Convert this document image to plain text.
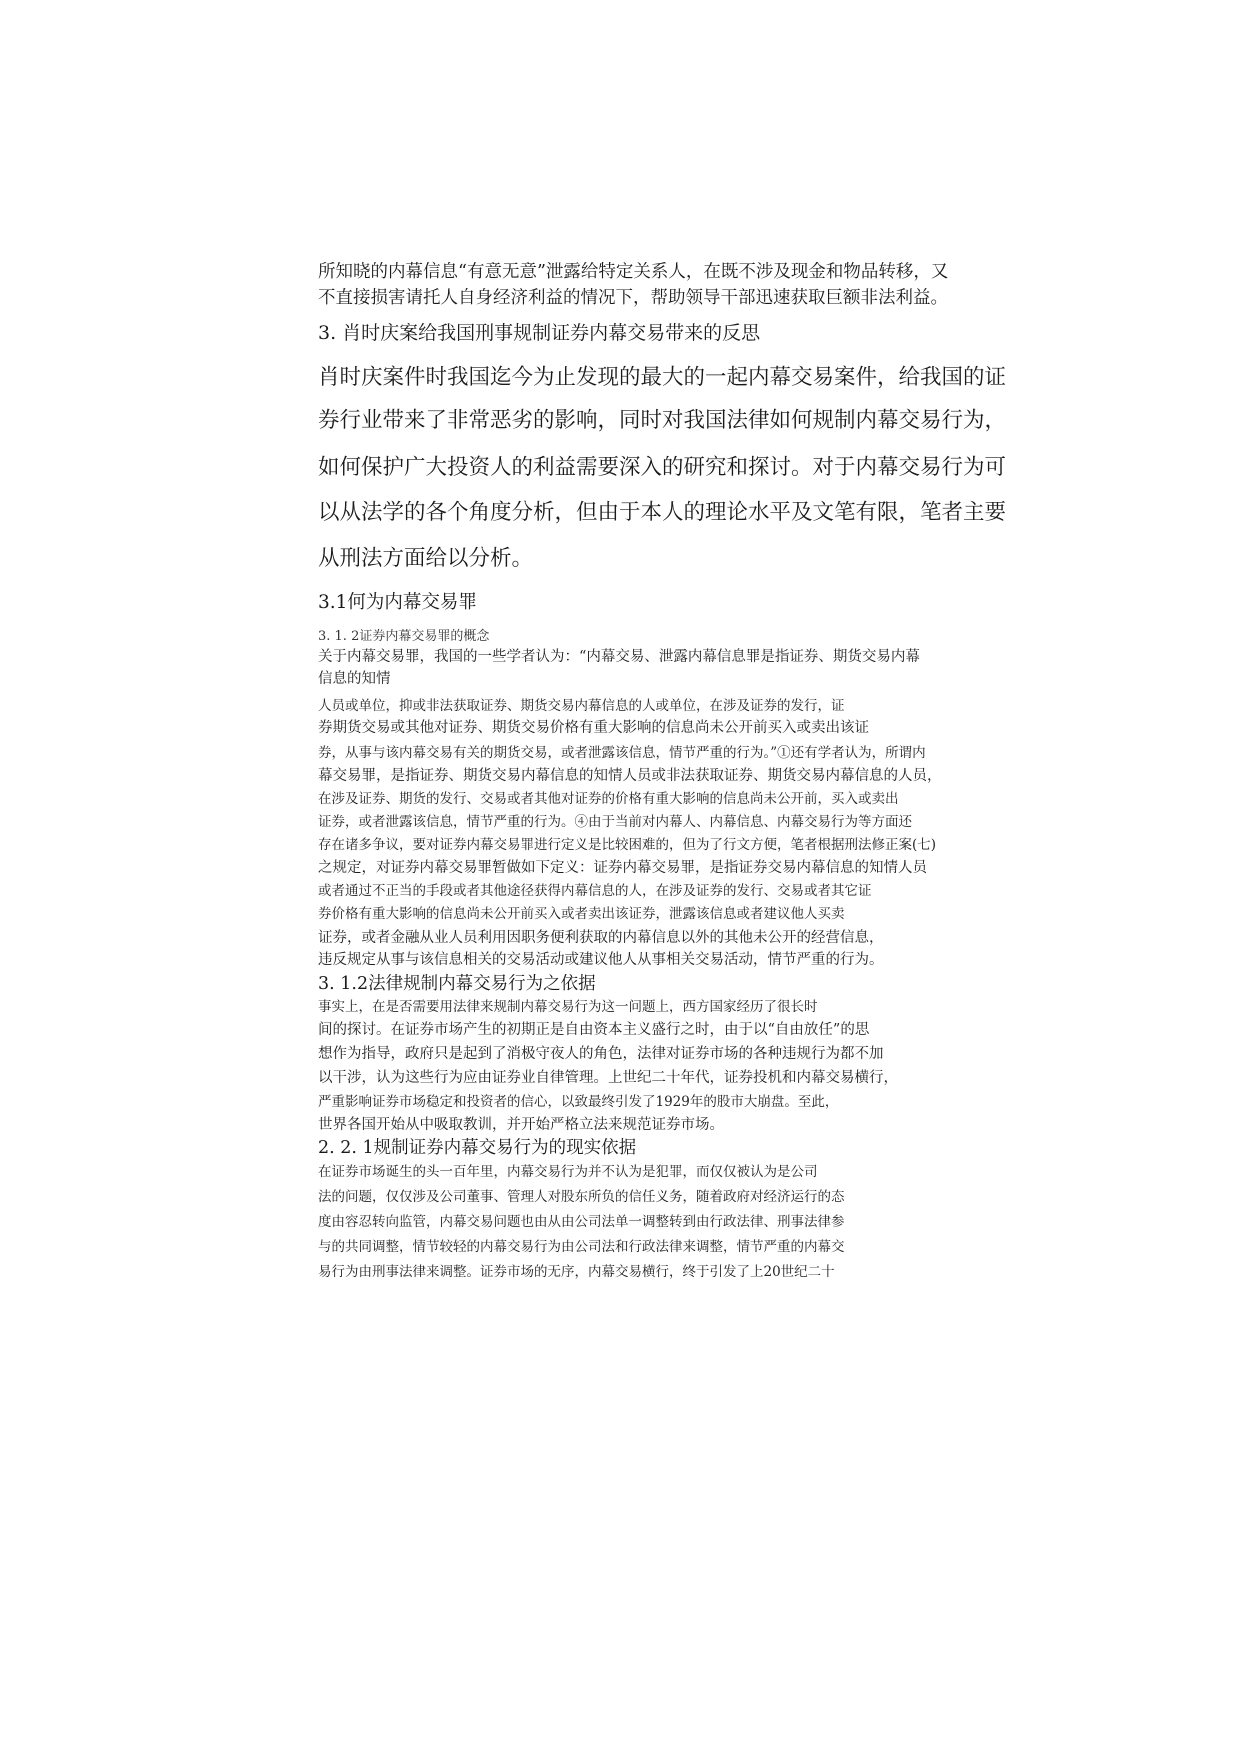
所知晓的内幕信息“有意无意”泄露给特定关系人，在既不涉及现金和物品转移，又

不直接损害请托人自身经济利益的情况下，帮助领导干部迅速获取巨额非法利益。

3. 肖时庆案给我国刑事规制证券内幕交易带来的反思

肖时庆案件时我国迄今为止发现的最大的一起内幕交易案件，给我国的证

券行业带来了非常恶劣的影响，同时对我国法律如何规制内幕交易行为，

如何保护广大投资人的利益需要深入的研究和探讨。对于内幕交易行为可

以从法学的各个角度分析，但由于本人的理论水平及文笔有限，笔者主要

从刑法方面给以分析。

3.1何为内幕交易罪

3. 1. 2证券内幕交易罪的概念

关于内幕交易罪，我国的一些学者认为：“内幕交易、泄露内幕信息罪是指证券、期货交易内幕

信息的知情

人员或单位，抑或非法获取证券、期货交易内幕信息的人或单位，在涉及证券的发行，证

券期货交易或其他对证券、期货交易价格有重大影响的信息尚未公开前买入或卖出该证

券，从事与该内幕交易有关的期货交易，或者泄露该信息，情节严重的行为。”①还有学者认为，所谓内

幕交易罪，是指证券、期货交易内幕信息的知情人员或非法获取证券、期货交易内幕信息的人员，

在涉及证券、期货的发行、交易或者其他对证券的价格有重大影响的信息尚未公开前，买入或卖出

证券，或者泄露该信息，情节严重的行为。④由于当前对内幕人、内幕信息、内幕交易行为等方面还

存在诸多争议，要对证券内幕交易罪进行定义是比较困难的，但为了行文方便，笔者根据刑法修正案(七)

之规定，对证券内幕交易罪暂做如下定义：证券内幕交易罪，是指证券交易内幕信息的知情人员

或者通过不正当的手段或者其他途径获得内幕信息的人，在涉及证券的发行、交易或者其它证

券价格有重大影响的信息尚未公开前买入或者卖出该证券，泄露该信息或者建议他人买卖

证券，或者金融从业人员利用因职务便利获取的内幕信息以外的其他未公开的经营信息，

违反规定从事与该信息相关的交易活动或建议他人从事相关交易活动，情节严重的行为。

3. 1.2法律规制内幕交易行为之依据

事实上，在是否需要用法律来规制内幕交易行为这一问题上，西方国家经历了很长时

间的探讨。在证券市场产生的初期正是自由资本主义盛行之时，由于以“自由放任”的思

想作为指导，政府只是起到了消极守夜人的角色，法律对证券市场的各种违规行为都不加

以干涉，认为这些行为应由证券业自律管理。上世纪二十年代，证券投机和内幕交易横行，

严重影响证券市场稳定和投资者的信心，以致最终引发了1929年的股市大崩盘。至此，

世界各国开始从中吸取教训，并开始严格立法来规范证券市场。

2. 2. 1规制证券内幕交易行为的现实依据

在证券市场诞生的头一百年里，内幕交易行为并不认为是犯罪，而仅仅被认为是公司

法的问题，仅仅涉及公司董事、管理人对股东所负的信任义务，随着政府对经济运行的态

度由容忍转向监管，内幕交易问题也由从由公司法单一调整转到由行政法律、刑事法律参

与的共同调整，情节较轻的内幕交易行为由公司法和行政法律来调整，情节严重的内幕交

易行为由刑事法律来调整。证券市场的无序，内幕交易横行，终于引发了上20世纪二十
